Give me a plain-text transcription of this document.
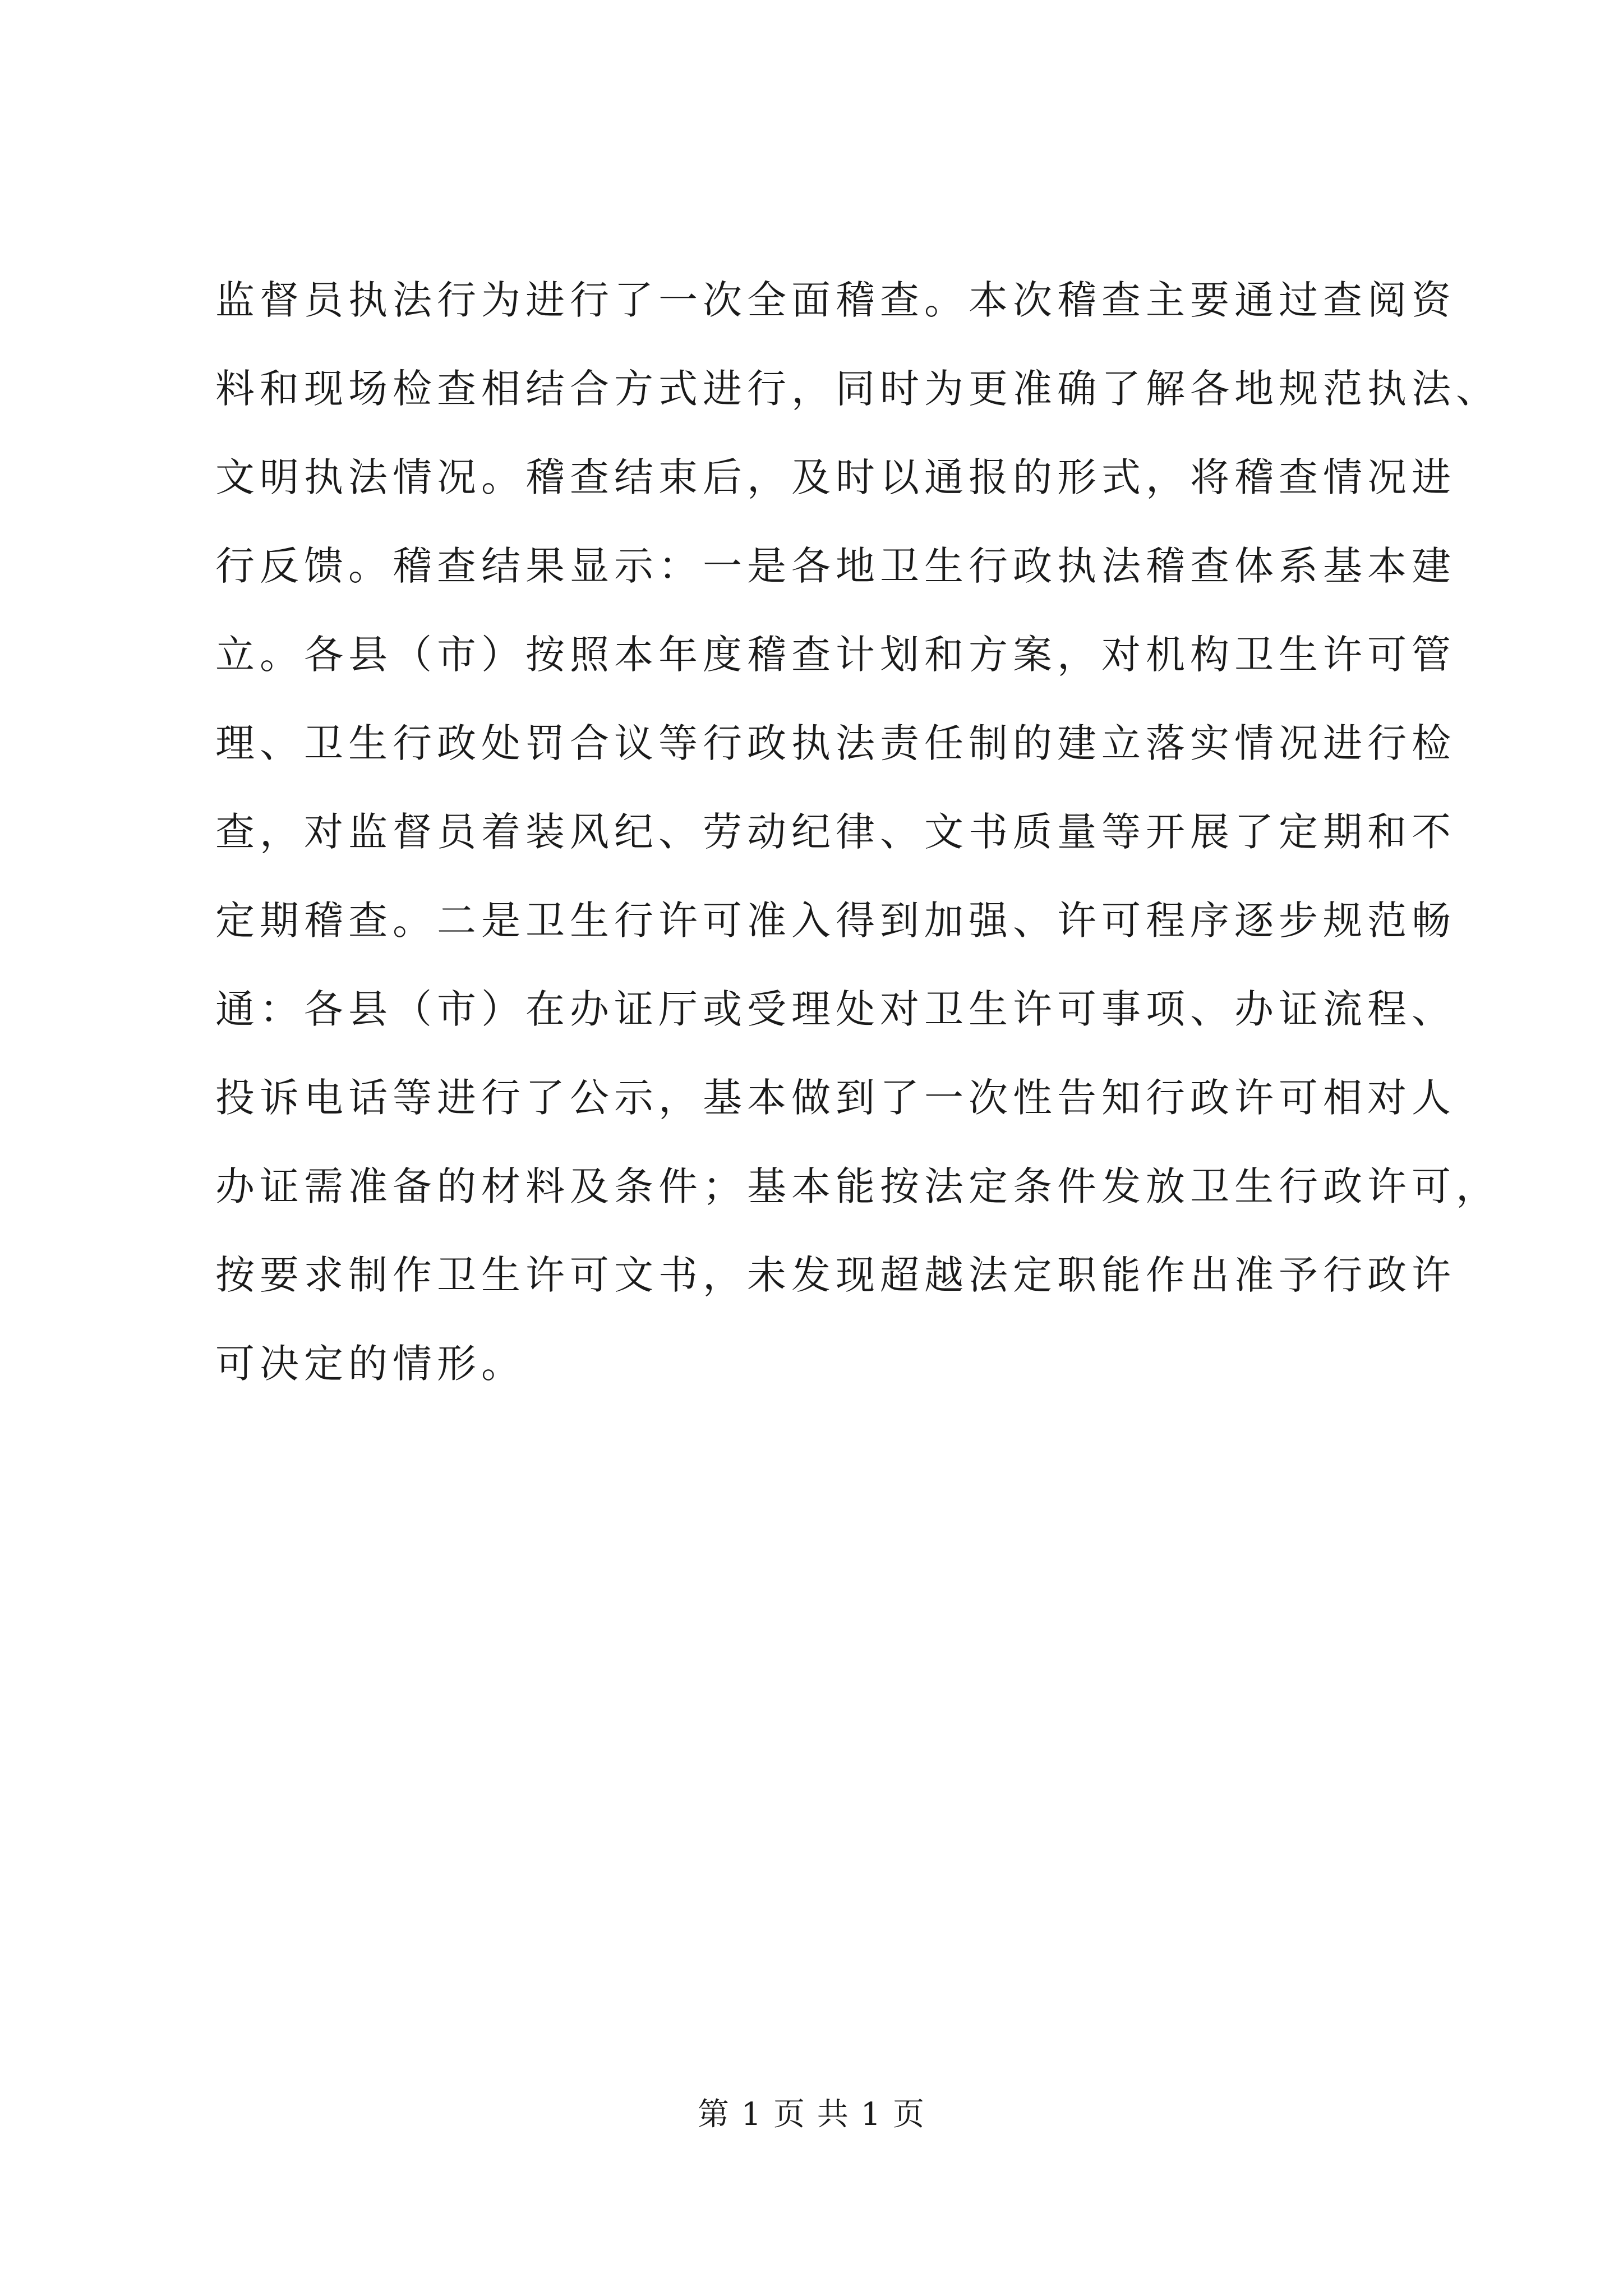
监督员执法行为进行了一次全面稽查。本次稽查主要通过查阅资
料和现场检查相结合方式进行，同时为更准确了解各地规范执法、
文明执法情况。稽查结束后，及时以通报的形式，将稽查情况进
行反馈。稽查结果显示：一是各地卫生行政执法稽查体系基本建
立。各县（市）按照本年度稽查计划和方案，对机构卫生许可管
理、卫生行政处罚合议等行政执法责任制的建立落实情况进行检
查，对监督员着装风纪、劳动纪律、文书质量等开展了定期和不
定期稽查。二是卫生行许可准入得到加强、许可程序逐步规范畅
通：各县（市）在办证厅或受理处对卫生许可事项、办证流程、
投诉电话等进行了公示，基本做到了一次性告知行政许可相对人
办证需准备的材料及条件；基本能按法定条件发放卫生行政许可，
按要求制作卫生许可文书，未发现超越法定职能作出准予行政许
可决定的情形。
第 1 页 共 1 页
